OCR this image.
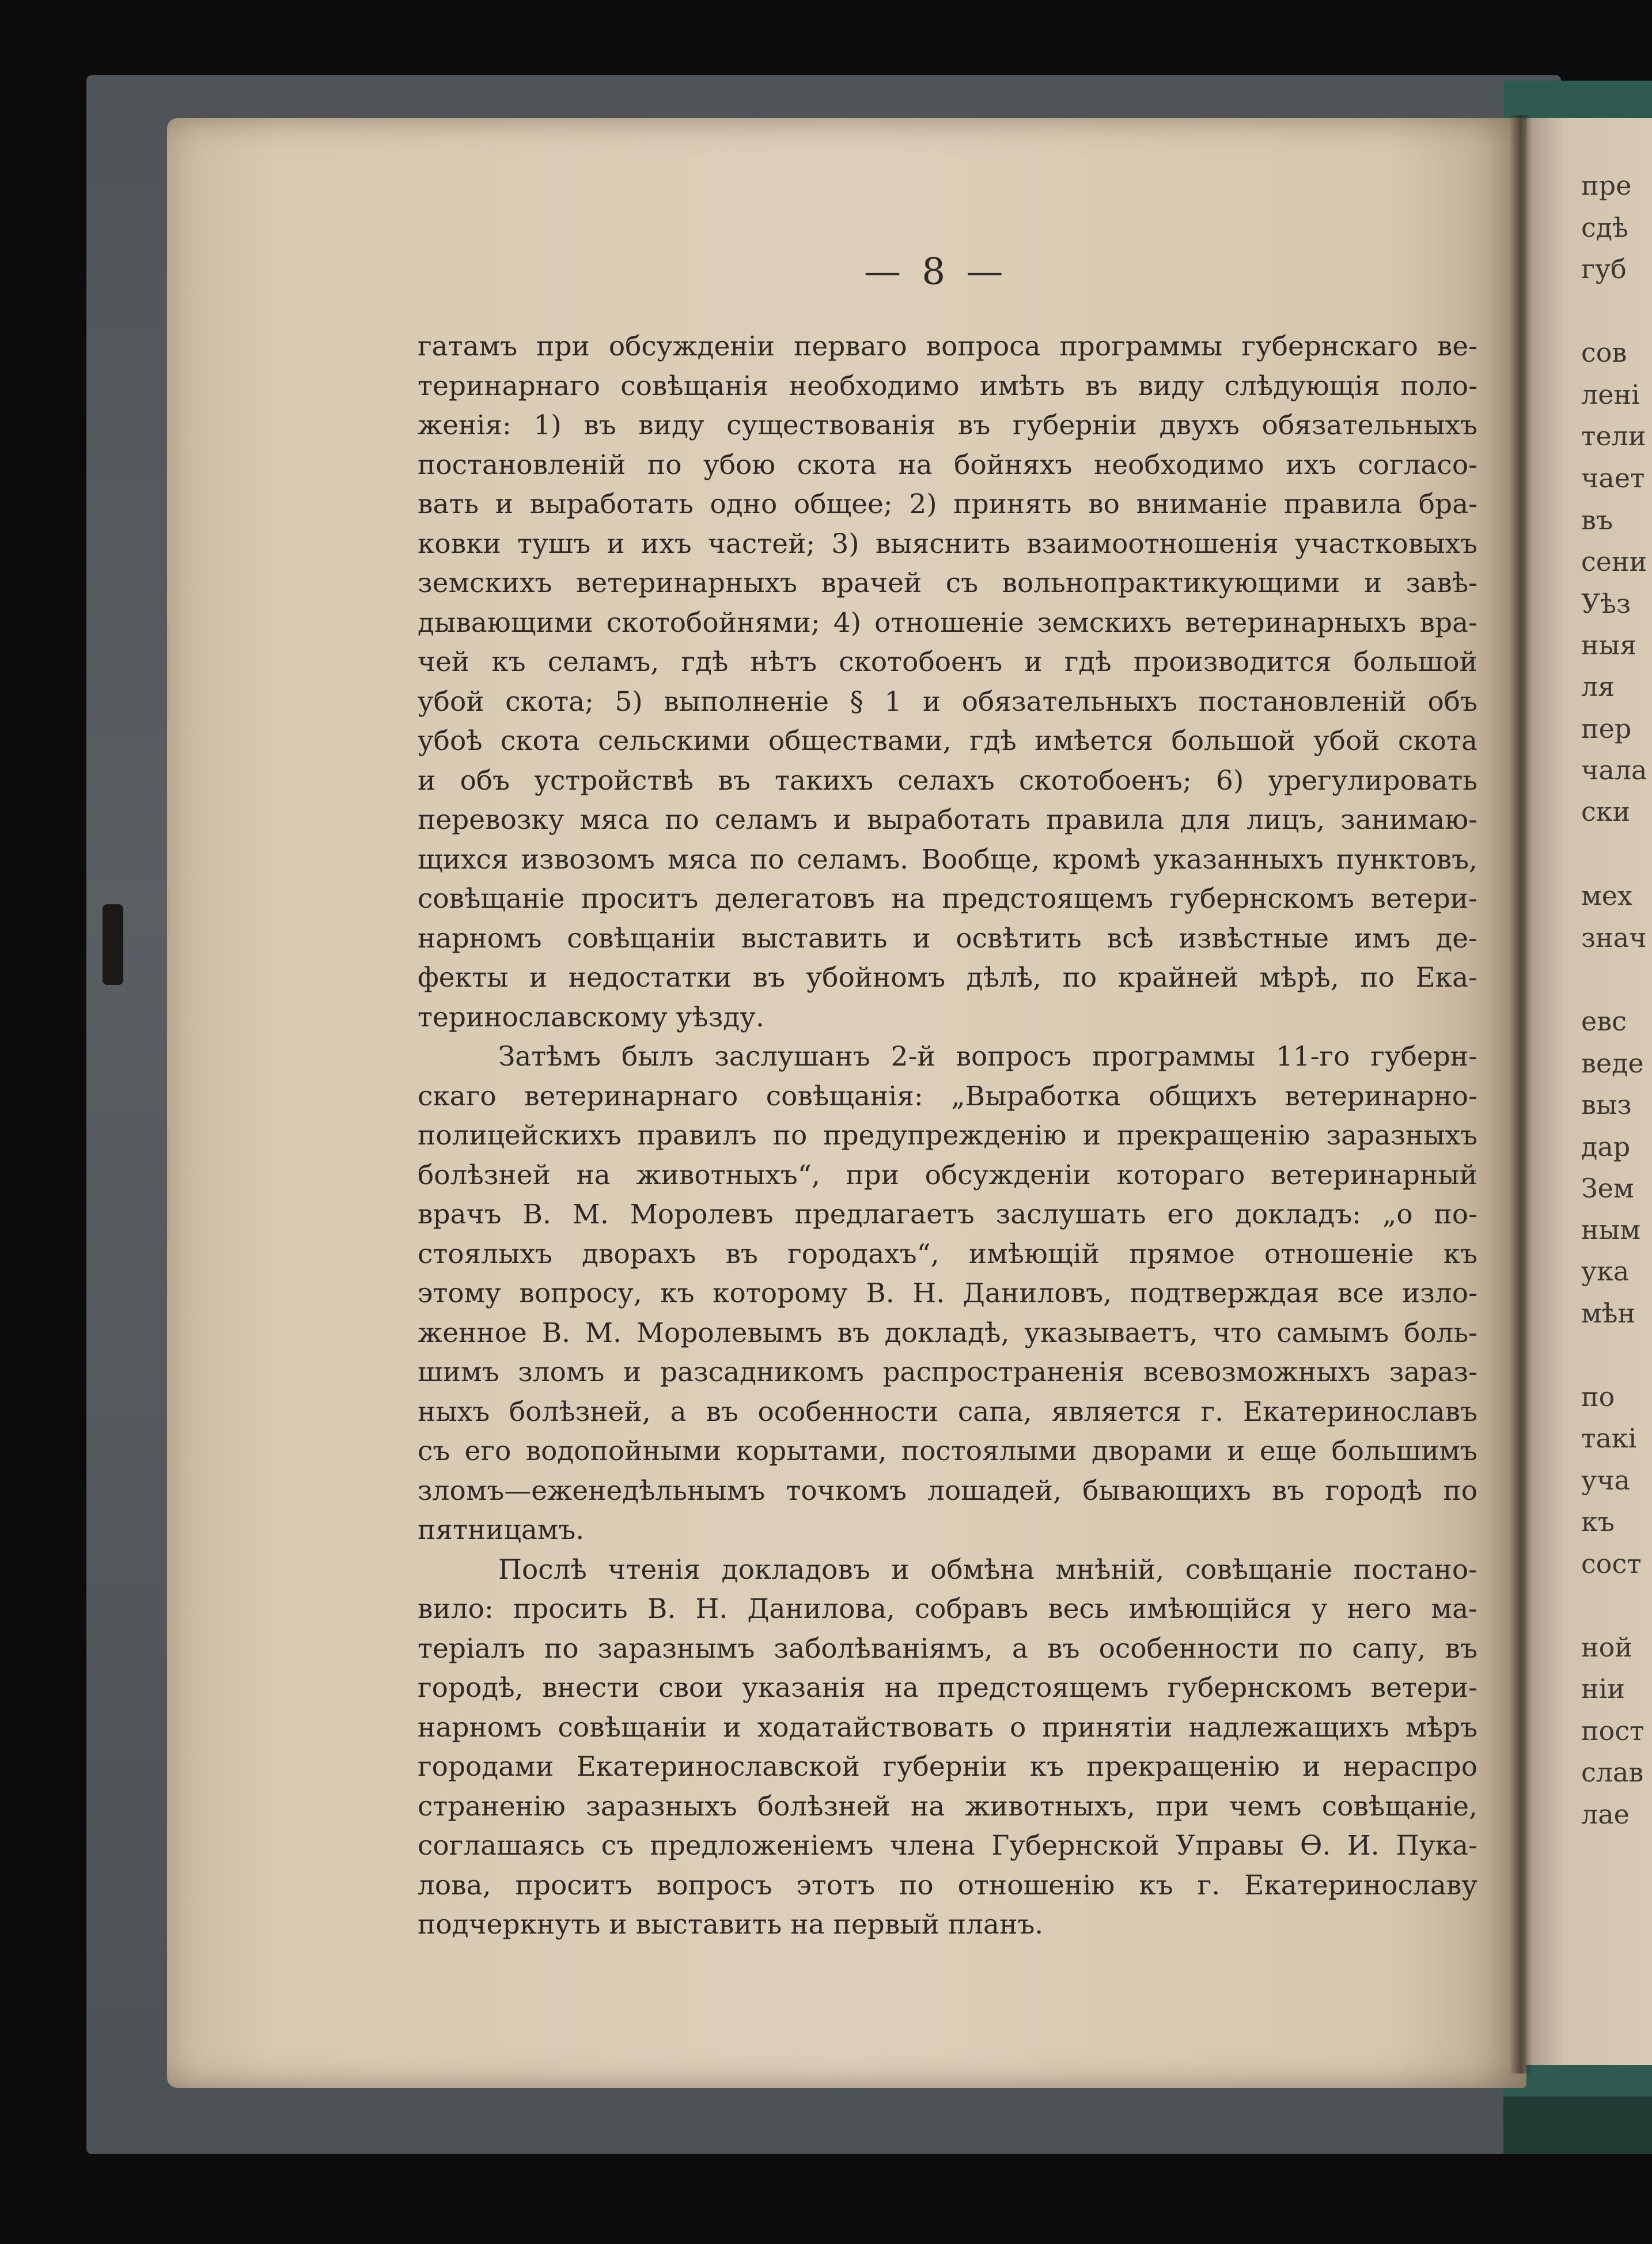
— 8 —
гатамъ при обсужденіи перваго вопроса программы губернскаго ве-
теринарнаго совѣщанія необходимо имѣть въ виду слѣдующія поло-
женія: 1) въ виду существованія въ губерніи двухъ обязательныхъ
постановленій по убою скота на бойняхъ необходимо ихъ согласо-
вать и выработать одно общее; 2) принять во вниманіе правила бра-
ковки тушъ и ихъ частей; 3) выяснить взаимоотношенія участковыхъ
земскихъ ветеринарныхъ врачей съ вольнопрактикующими и завѣ-
дывающими скотобойнями; 4) отношеніе земскихъ ветеринарныхъ вра-
чей къ селамъ, гдѣ нѣтъ скотобоенъ и гдѣ производится большой
убой скота; 5) выполненіе § 1 и обязательныхъ постановленій объ
убоѣ скота сельскими обществами, гдѣ имѣется большой убой скота
и объ устройствѣ въ такихъ селахъ скотобоенъ; 6) урегулировать
перевозку мяса по селамъ и выработать правила для лицъ, занимаю-
щихся извозомъ мяса по селамъ. Вообще, кромѣ указанныхъ пунктовъ,
совѣщаніе проситъ делегатовъ на предстоящемъ губернскомъ ветери-
нарномъ совѣщаніи выставить и освѣтить всѣ извѣстные имъ де-
фекты и недостатки въ убойномъ дѣлѣ, по крайней мѣрѣ, по Ека-
теринославскому уѣзду.
Затѣмъ былъ заслушанъ 2-й вопросъ программы 11-го губерн-
скаго ветеринарнаго совѣщанія: „Выработка общихъ ветеринарно-
полицейскихъ правилъ по предупрежденію и прекращенію заразныхъ
болѣзней на животныхъ“, при обсужденіи котораго ветеринарный
врачъ В. М. Моролевъ предлагаетъ заслушать его докладъ: „о по-
стоялыхъ дворахъ въ городахъ“, имѣющій прямое отношеніе къ
этому вопросу, къ которому В. Н. Даниловъ, подтверждая все изло-
женное В. М. Моролевымъ въ докладѣ, указываетъ, что самымъ боль-
шимъ зломъ и разсадникомъ распространенія всевозможныхъ зараз-
ныхъ болѣзней, а въ особенности сапа, является г. Екатеринославъ
съ его водопойными корытами, постоялыми дворами и еще большимъ
зломъ—еженедѣльнымъ точкомъ лошадей, бывающихъ въ городѣ по
пятницамъ.
Послѣ чтенія докладовъ и обмѣна мнѣній, совѣщаніе постано-
вило: просить В. Н. Данилова, собравъ весь имѣющійся у него ма-
теріалъ по заразнымъ заболѣваніямъ, а въ особенности по сапу, въ
городѣ, внести свои указанія на предстоящемъ губернскомъ ветери-
нарномъ совѣщаніи и ходатайствовать о принятіи надлежащихъ мѣръ
городами Екатеринославской губерніи къ прекращенію и нераспро
страненію заразныхъ болѣзней на животныхъ, при чемъ совѣщаніе,
соглашаясь съ предложеніемъ члена Губернской Управы Ѳ. И. Пука-
лова, проситъ вопросъ этотъ по отношенію къ г. Екатеринославу
подчеркнуть и выставить на первый планъ.
пре
сдѣ
губ
сов
лені
тели
чает
въ
сени
Уѣз
ныя
ля
пер
чала
ски
мех
знач
евс
веде
выз
дар
Зем
ным
ука
мѣн
по
такі
уча
къ
сост
ной
ніи
пост
слав
лае
